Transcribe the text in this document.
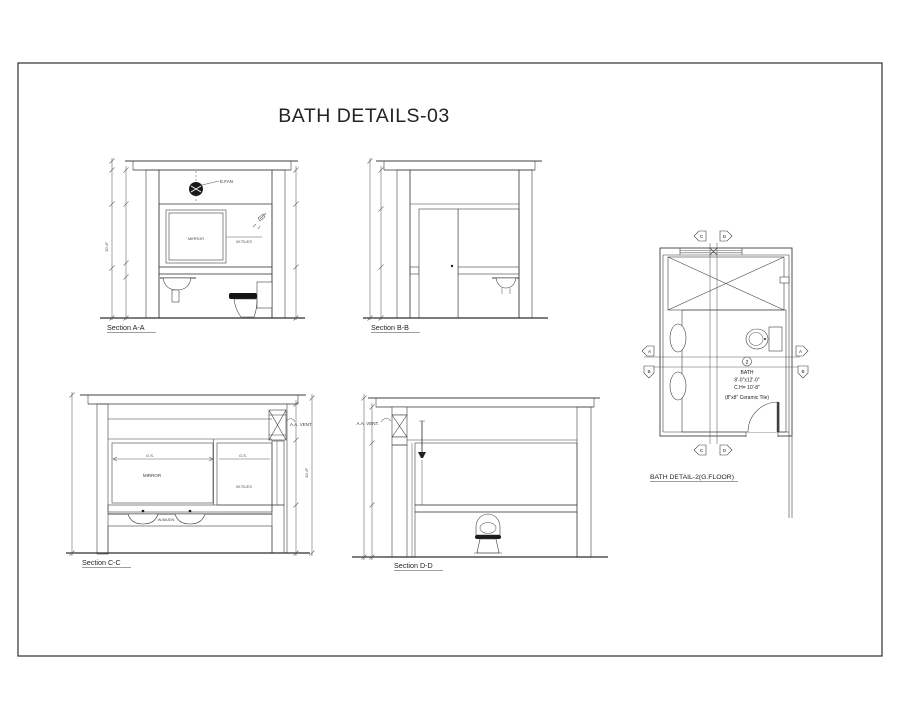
BATH DETAILS-03
E.FAN
MIRROR
W.TILES
10'-8"
Section A-A	Section B-B
A.A. VENT.
G.S.
MIRROR
G.S.
W.TILES
W.BASIN
10'-8"
Section C-C
A.A. VENT.
Section D-D
2
BATH
8'-0"x12'-0"
C.H= 10'-8"
(8"x8" Ceramic Tile)
C	D
C	D
A	A
B	B
BATH DETAIL-2(G.FLOOR)
